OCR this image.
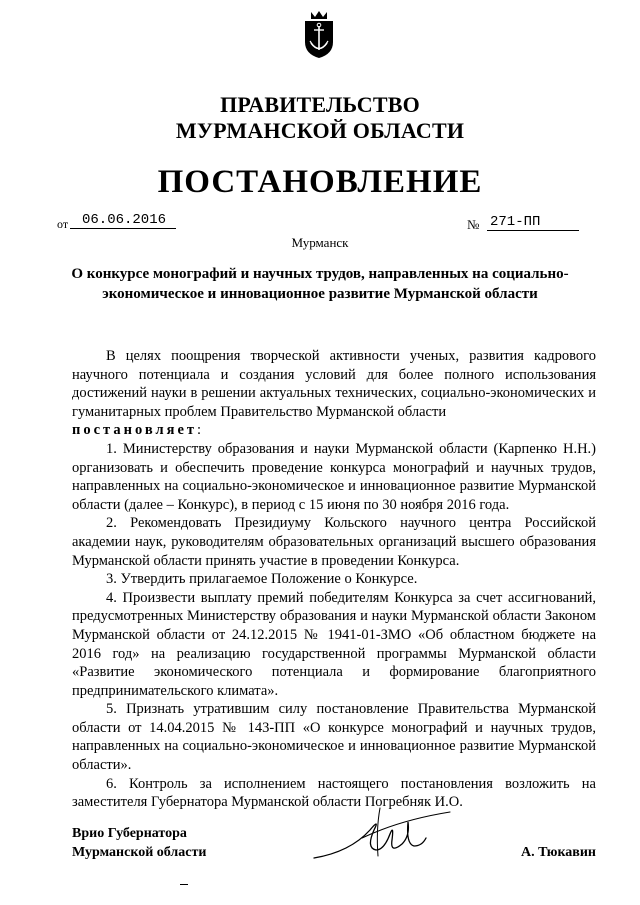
ПРАВИТЕЛЬСТВО
МУРМАНСКОЙ ОБЛАСТИ
ПОСТАНОВЛЕНИЕ
от 06.06.2016	№ 271-ПП
Мурманск
О конкурсе монографий и научных трудов, направленных на социально-экономическое и инновационное развитие Мурманской области

В целях поощрения творческой активности ученых, развития кадрового научного потенциала и создания условий для более полного использования достижений науки в решении актуальных технических, социально-экономических и гуманитарных проблем Правительство Мурманской области
постановляет:

1. Министерству образования и науки Мурманской области (Карпенко Н.Н.) организовать и обеспечить проведение конкурса монографий и научных трудов, направленных на социально-экономическое и инновационное развитие Мурманской области (далее – Конкурс), в период с 15 июня по 30 ноября 2016 года.

2. Рекомендовать Президиуму Кольского научного центра Российской академии наук, руководителям образовательных организаций высшего образования Мурманской области принять участие в проведении Конкурса.

3. Утвердить прилагаемое Положение о Конкурсе.

4. Произвести выплату премий победителям Конкурса за счет ассигнований, предусмотренных Министерству образования и науки Мурманской области Законом Мурманской области от 24.12.2015 № 1941-01-ЗМО «Об областном бюджете на 2016 год» на реализацию государственной программы Мурманской области «Развитие экономического потенциала и формирование благоприятного предпринимательского климата».

5. Признать утратившим силу постановление Правительства Мурманской области от 14.04.2015 № 143-ПП «О конкурсе монографий и научных трудов, направленных на социально-экономическое и инновационное развитие Мурманской области».

6. Контроль за исполнением настоящего постановления возложить на заместителя Губернатора Мурманской области Погребняк И.О.

Врио Губернатора
Мурманской области	А. Тюкавин
